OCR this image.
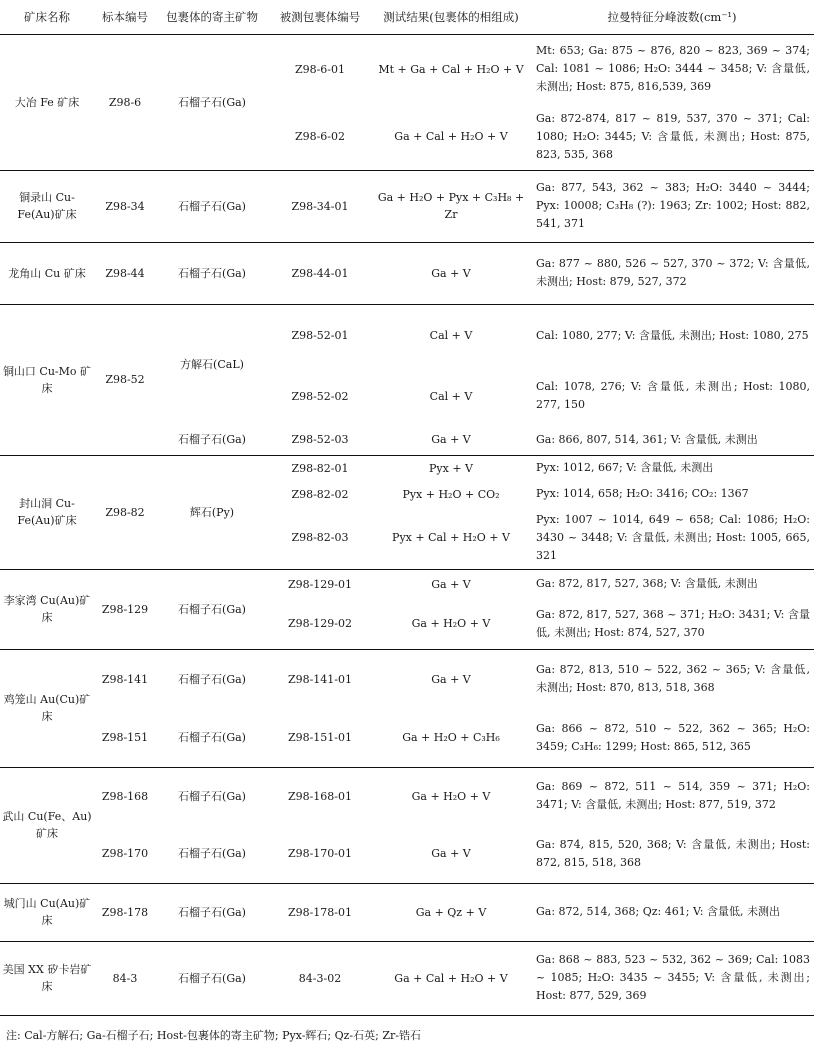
矿床名称	标本编号	包裹体的寄主矿物	被测包裹体编号	测试结果(包裹体的相组成)	拉曼特征分峰波数(cm⁻¹)
大冶 Fe 矿床	Z98-6	石榴子石(Ga)	Z98-6-01	Mt + Ga + Cal + H₂O + V	Mt: 653; Ga: 875 ~ 876, 820 ~ 823, 369 ~ 374; Cal: 1081 ~ 1086; H₂O: 3444 ~ 3458; V: 含量低, 未测出; Host: 875, 816,539, 369
			Z98-6-02	Ga + Cal + H₂O + V	Ga: 872-874, 817 ~ 819, 537, 370 ~ 371; Cal: 1080; H₂O: 3445; V: 含量低, 未测出; Host: 875, 823, 535, 368
铜录山 Cu-Fe(Au)矿床	Z98-34	石榴子石(Ga)	Z98-34-01	Ga + H₂O + Pyx + C₃H₈ + Zr	Ga: 877, 543, 362 ~ 383; H₂O: 3440 ~ 3444; Pyx: 10008; C₃H₈ (?): 1963; Zr: 1002; Host: 882, 541, 371
龙角山 Cu 矿床	Z98-44	石榴子石(Ga)	Z98-44-01	Ga + V	Ga: 877 ~ 880, 526 ~ 527, 370 ~ 372; V: 含量低, 未测出; Host: 879, 527, 372
铜山口 Cu-Mo 矿床	Z98-52	方解石(CaL)	Z98-52-01	Cal + V	Cal: 1080, 277; V: 含量低, 未测出; Host: 1080, 275
			Z98-52-02	Cal + V	Cal: 1078, 276; V: 含量低, 未测出; Host: 1080, 277, 150
		石榴子石(Ga)	Z98-52-03	Ga + V	Ga: 866, 807, 514, 361; V: 含量低, 未测出
封山洞 Cu-Fe(Au)矿床	Z98-82	辉石(Py)	Z98-82-01	Pyx + V	Pyx: 1012, 667; V: 含量低, 未测出
			Z98-82-02	Pyx + H₂O + CO₂	Pyx: 1014, 658; H₂O: 3416; CO₂: 1367
			Z98-82-03	Pyx + Cal + H₂O + V	Pyx: 1007 ~ 1014, 649 ~ 658; Cal: 1086; H₂O: 3430 ~ 3448; V: 含量低, 未测出; Host: 1005, 665, 321
李家湾 Cu(Au)矿床	Z98-129	石榴子石(Ga)	Z98-129-01	Ga + V	Ga: 872, 817, 527, 368; V: 含量低, 未测出
			Z98-129-02	Ga + H₂O + V	Ga: 872, 817, 527, 368 ~ 371; H₂O: 3431; V: 含量低, 未测出; Host: 874, 527, 370
鸡笼山 Au(Cu)矿床	Z98-141	石榴子石(Ga)	Z98-141-01	Ga + V	Ga: 872, 813, 510 ~ 522, 362 ~ 365; V: 含量低, 未测出; Host: 870, 813, 518, 368
	Z98-151	石榴子石(Ga)	Z98-151-01	Ga + H₂O + C₃H₆	Ga: 866 ~ 872, 510 ~ 522, 362 ~ 365; H₂O: 3459; C₃H₆: 1299; Host: 865, 512, 365
武山 Cu(Fe、Au)矿床	Z98-168	石榴子石(Ga)	Z98-168-01	Ga + H₂O + V	Ga: 869 ~ 872, 511 ~ 514, 359 ~ 371; H₂O: 3471; V: 含量低, 未测出; Host: 877, 519, 372
	Z98-170	石榴子石(Ga)	Z98-170-01	Ga + V	Ga: 874, 815, 520, 368; V: 含量低, 未测出; Host: 872, 815, 518, 368
城门山 Cu(Au)矿床	Z98-178	石榴子石(Ga)	Z98-178-01	Ga + Qz + V	Ga: 872, 514, 368; Qz: 461; V: 含量低, 未测出
美国 XX 矽卡岩矿床	84-3	石榴子石(Ga)	84-3-02	Ga + Cal + H₂O + V	Ga: 868 ~ 883, 523 ~ 532, 362 ~ 369; Cal: 1083 ~ 1085; H₂O: 3435 ~ 3455; V: 含量低, 未测出; Host: 877, 529, 369
注: Cal-方解石; Ga-石榴子石; Host-包裹体的寄主矿物; Pyx-辉石; Qz-石英; Zr-锆石
